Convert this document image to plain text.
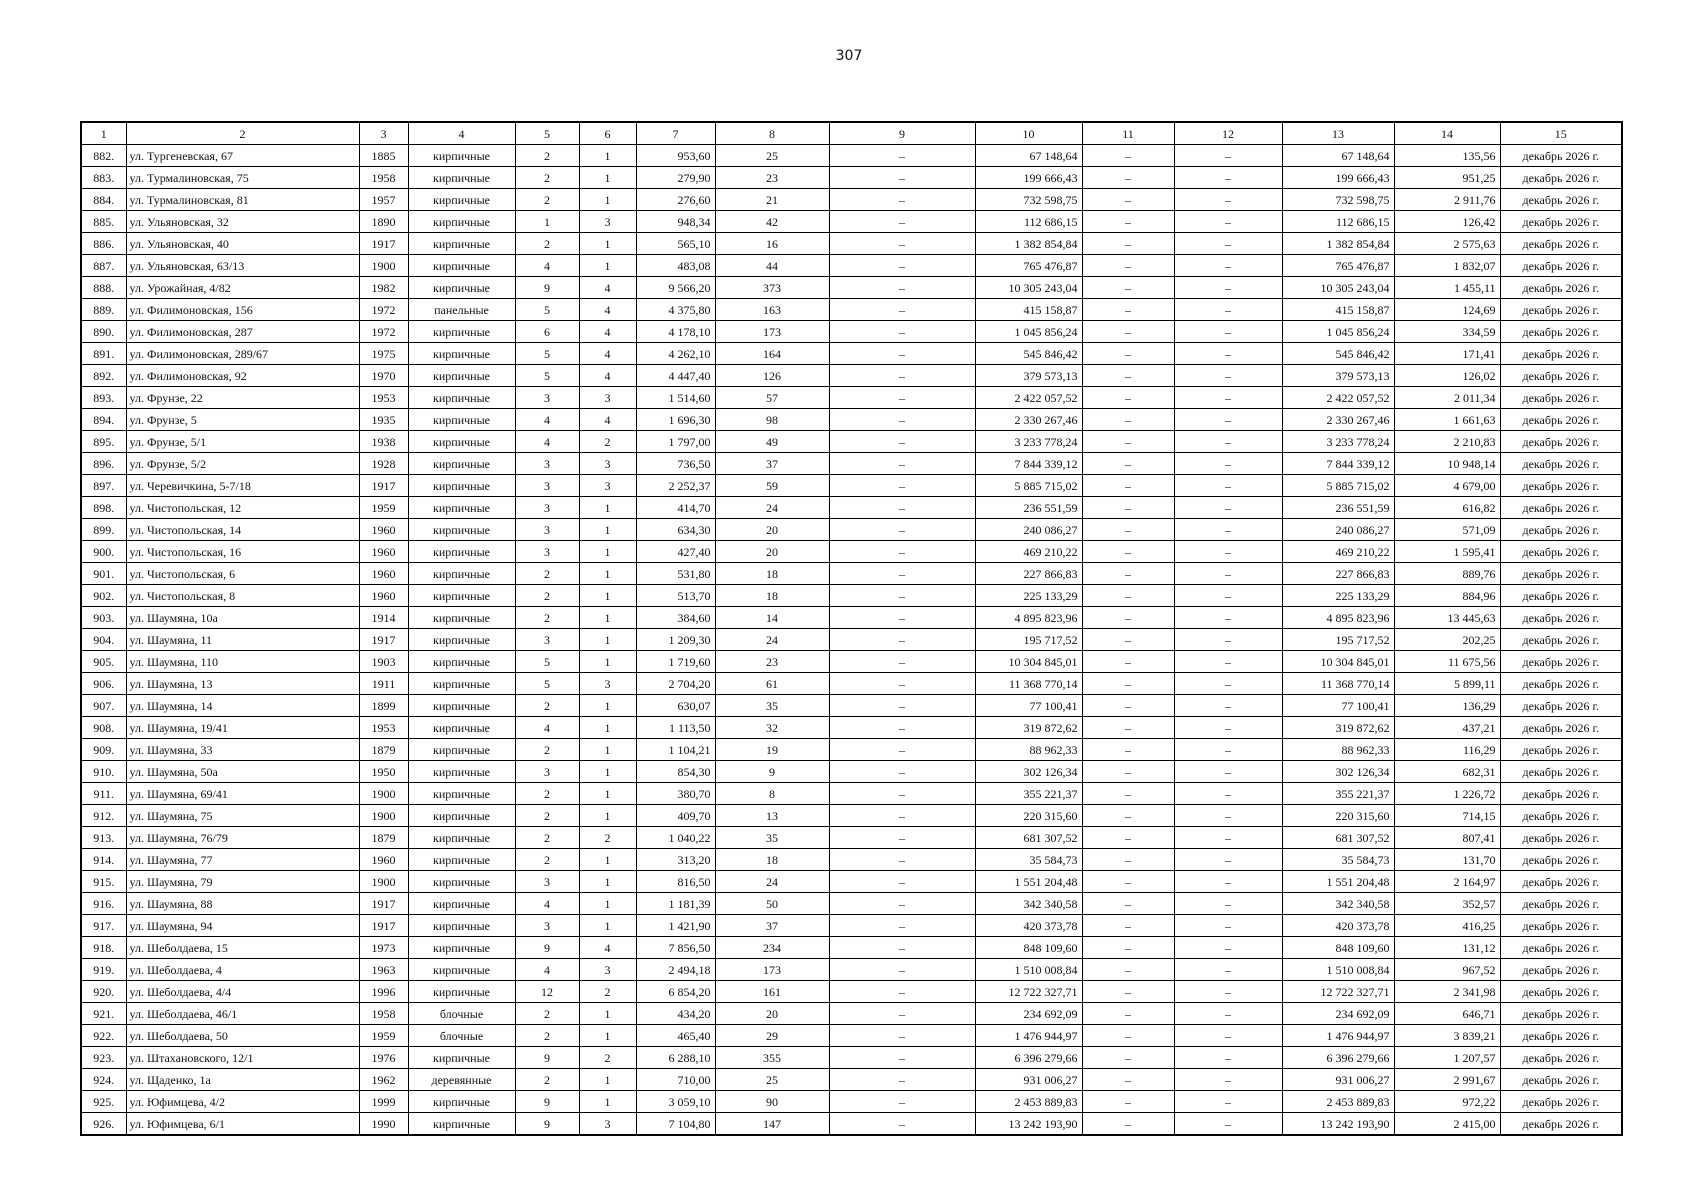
307
1	2	3	4	5	6	7	8	9	10	11	12	13	14	15
882.	ул. Тургеневская, 67	1885	кирпичные	2	1	953,60	25	–	67 148,64	–	–	67 148,64	135,56	декабрь 2026 г.
883.	ул. Турмалиновская, 75	1958	кирпичные	2	1	279,90	23	–	199 666,43	–	–	199 666,43	951,25	декабрь 2026 г.
884.	ул. Турмалиновская, 81	1957	кирпичные	2	1	276,60	21	–	732 598,75	–	–	732 598,75	2 911,76	декабрь 2026 г.
885.	ул. Ульяновская, 32	1890	кирпичные	1	3	948,34	42	–	112 686,15	–	–	112 686,15	126,42	декабрь 2026 г.
886.	ул. Ульяновская, 40	1917	кирпичные	2	1	565,10	16	–	1 382 854,84	–	–	1 382 854,84	2 575,63	декабрь 2026 г.
887.	ул. Ульяновская, 63/13	1900	кирпичные	4	1	483,08	44	–	765 476,87	–	–	765 476,87	1 832,07	декабрь 2026 г.
888.	ул. Урожайная, 4/82	1982	кирпичные	9	4	9 566,20	373	–	10 305 243,04	–	–	10 305 243,04	1 455,11	декабрь 2026 г.
889.	ул. Филимоновская, 156	1972	панельные	5	4	4 375,80	163	–	415 158,87	–	–	415 158,87	124,69	декабрь 2026 г.
890.	ул. Филимоновская, 287	1972	кирпичные	6	4	4 178,10	173	–	1 045 856,24	–	–	1 045 856,24	334,59	декабрь 2026 г.
891.	ул. Филимоновская, 289/67	1975	кирпичные	5	4	4 262,10	164	–	545 846,42	–	–	545 846,42	171,41	декабрь 2026 г.
892.	ул. Филимоновская, 92	1970	кирпичные	5	4	4 447,40	126	–	379 573,13	–	–	379 573,13	126,02	декабрь 2026 г.
893.	ул. Фрунзе, 22	1953	кирпичные	3	3	1 514,60	57	–	2 422 057,52	–	–	2 422 057,52	2 011,34	декабрь 2026 г.
894.	ул. Фрунзе, 5	1935	кирпичные	4	4	1 696,30	98	–	2 330 267,46	–	–	2 330 267,46	1 661,63	декабрь 2026 г.
895.	ул. Фрунзе, 5/1	1938	кирпичные	4	2	1 797,00	49	–	3 233 778,24	–	–	3 233 778,24	2 210,83	декабрь 2026 г.
896.	ул. Фрунзе, 5/2	1928	кирпичные	3	3	736,50	37	–	7 844 339,12	–	–	7 844 339,12	10 948,14	декабрь 2026 г.
897.	ул. Черевичкина, 5-7/18	1917	кирпичные	3	3	2 252,37	59	–	5 885 715,02	–	–	5 885 715,02	4 679,00	декабрь 2026 г.
898.	ул. Чистопольская, 12	1959	кирпичные	3	1	414,70	24	–	236 551,59	–	–	236 551,59	616,82	декабрь 2026 г.
899.	ул. Чистопольская, 14	1960	кирпичные	3	1	634,30	20	–	240 086,27	–	–	240 086,27	571,09	декабрь 2026 г.
900.	ул. Чистопольская, 16	1960	кирпичные	3	1	427,40	20	–	469 210,22	–	–	469 210,22	1 595,41	декабрь 2026 г.
901.	ул. Чистопольская, 6	1960	кирпичные	2	1	531,80	18	–	227 866,83	–	–	227 866,83	889,76	декабрь 2026 г.
902.	ул. Чистопольская, 8	1960	кирпичные	2	1	513,70	18	–	225 133,29	–	–	225 133,29	884,96	декабрь 2026 г.
903.	ул. Шаумяна, 10а	1914	кирпичные	2	1	384,60	14	–	4 895 823,96	–	–	4 895 823,96	13 445,63	декабрь 2026 г.
904.	ул. Шаумяна, 11	1917	кирпичные	3	1	1 209,30	24	–	195 717,52	–	–	195 717,52	202,25	декабрь 2026 г.
905.	ул. Шаумяна, 110	1903	кирпичные	5	1	1 719,60	23	–	10 304 845,01	–	–	10 304 845,01	11 675,56	декабрь 2026 г.
906.	ул. Шаумяна, 13	1911	кирпичные	5	3	2 704,20	61	–	11 368 770,14	–	–	11 368 770,14	5 899,11	декабрь 2026 г.
907.	ул. Шаумяна, 14	1899	кирпичные	2	1	630,07	35	–	77 100,41	–	–	77 100,41	136,29	декабрь 2026 г.
908.	ул. Шаумяна, 19/41	1953	кирпичные	4	1	1 113,50	32	–	319 872,62	–	–	319 872,62	437,21	декабрь 2026 г.
909.	ул. Шаумяна, 33	1879	кирпичные	2	1	1 104,21	19	–	88 962,33	–	–	88 962,33	116,29	декабрь 2026 г.
910.	ул. Шаумяна, 50а	1950	кирпичные	3	1	854,30	9	–	302 126,34	–	–	302 126,34	682,31	декабрь 2026 г.
911.	ул. Шаумяна, 69/41	1900	кирпичные	2	1	380,70	8	–	355 221,37	–	–	355 221,37	1 226,72	декабрь 2026 г.
912.	ул. Шаумяна, 75	1900	кирпичные	2	1	409,70	13	–	220 315,60	–	–	220 315,60	714,15	декабрь 2026 г.
913.	ул. Шаумяна, 76/79	1879	кирпичные	2	2	1 040,22	35	–	681 307,52	–	–	681 307,52	807,41	декабрь 2026 г.
914.	ул. Шаумяна, 77	1960	кирпичные	2	1	313,20	18	–	35 584,73	–	–	35 584,73	131,70	декабрь 2026 г.
915.	ул. Шаумяна, 79	1900	кирпичные	3	1	816,50	24	–	1 551 204,48	–	–	1 551 204,48	2 164,97	декабрь 2026 г.
916.	ул. Шаумяна, 88	1917	кирпичные	4	1	1 181,39	50	–	342 340,58	–	–	342 340,58	352,57	декабрь 2026 г.
917.	ул. Шаумяна, 94	1917	кирпичные	3	1	1 421,90	37	–	420 373,78	–	–	420 373,78	416,25	декабрь 2026 г.
918.	ул. Шеболдаева, 15	1973	кирпичные	9	4	7 856,50	234	–	848 109,60	–	–	848 109,60	131,12	декабрь 2026 г.
919.	ул. Шеболдаева, 4	1963	кирпичные	4	3	2 494,18	173	–	1 510 008,84	–	–	1 510 008,84	967,52	декабрь 2026 г.
920.	ул. Шеболдаева, 4/4	1996	кирпичные	12	2	6 854,20	161	–	12 722 327,71	–	–	12 722 327,71	2 341,98	декабрь 2026 г.
921.	ул. Шеболдаева, 46/1	1958	блочные	2	1	434,20	20	–	234 692,09	–	–	234 692,09	646,71	декабрь 2026 г.
922.	ул. Шеболдаева, 50	1959	блочные	2	1	465,40	29	–	1 476 944,97	–	–	1 476 944,97	3 839,21	декабрь 2026 г.
923.	ул. Штахановского, 12/1	1976	кирпичные	9	2	6 288,10	355	–	6 396 279,66	–	–	6 396 279,66	1 207,57	декабрь 2026 г.
924.	ул. Щаденко, 1а	1962	деревянные	2	1	710,00	25	–	931 006,27	–	–	931 006,27	2 991,67	декабрь 2026 г.
925.	ул. Юфимцева, 4/2	1999	кирпичные	9	1	3 059,10	90	–	2 453 889,83	–	–	2 453 889,83	972,22	декабрь 2026 г.
926.	ул. Юфимцева, 6/1	1990	кирпичные	9	3	7 104,80	147	–	13 242 193,90	–	–	13 242 193,90	2 415,00	декабрь 2026 г.
